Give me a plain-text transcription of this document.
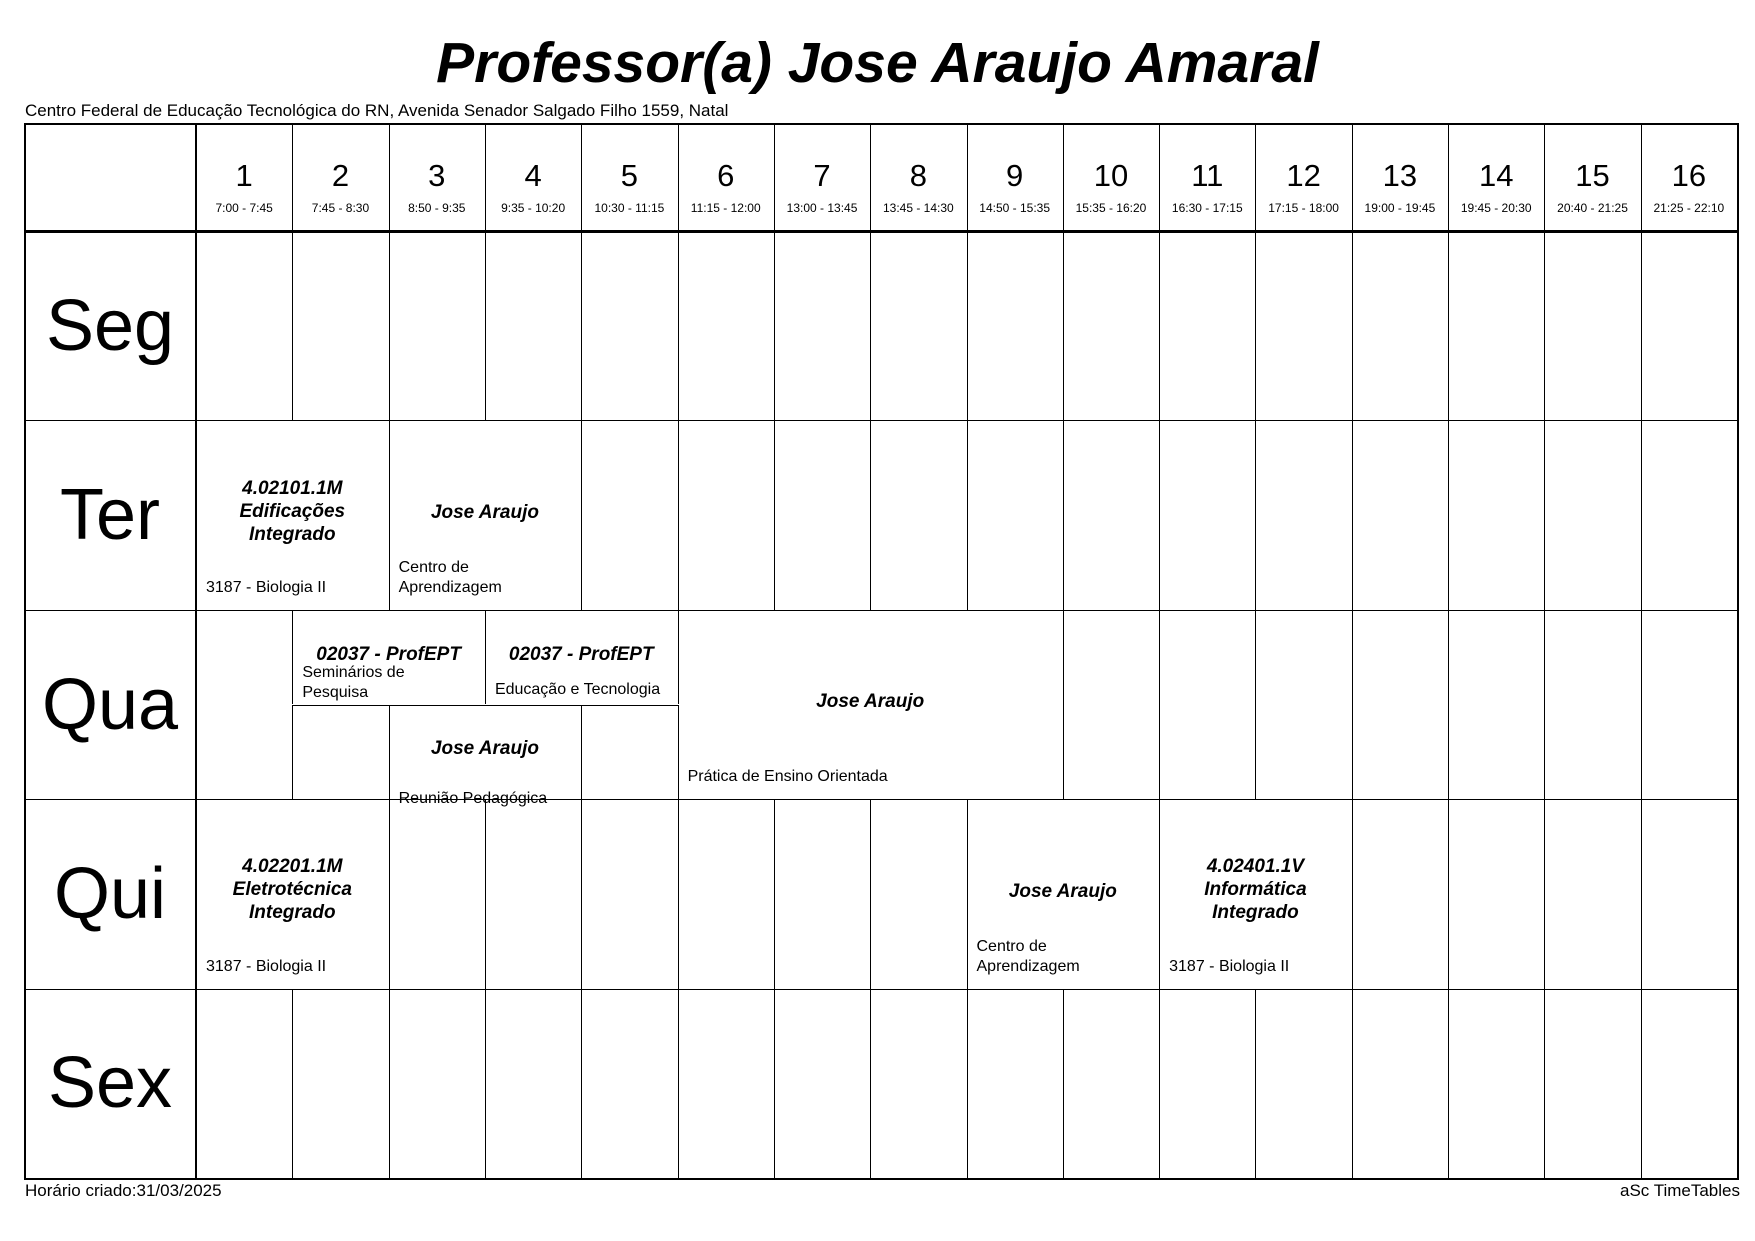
Professor(a) Jose Araujo Amaral
Centro Federal de Educação Tecnológica do RN, Avenida Senador Salgado Filho 1559, Natal
1
7:00 - 7:45
2
7:45 - 8:30
3
8:50 - 9:35
4
9:35 - 10:20
5
10:30 - 11:15
6
11:15 - 12:00
7
13:00 - 13:45
8
13:45 - 14:30
9
14:50 - 15:35
10
15:35 - 16:20
11
16:30 - 17:15
12
17:15 - 18:00
13
19:00 - 19:45
14
19:45 - 20:30
15
20:40 - 21:25
16
21:25 - 22:10
Seg
Ter
Qua
Qui
Sex
4.02101.1M
Edificações
Integrado
3187 - Biologia II
Jose Araujo
Centro de
Aprendizagem
02037 - ProfEPT
Seminários de
Pesquisa
02037 - ProfEPT
Educação e Tecnologia
Jose Araujo
Reunião Pedagógica
Jose Araujo
Prática de Ensino Orientada
4.02201.1M
Eletrotécnica
Integrado
3187 - Biologia II
Jose Araujo
Centro de
Aprendizagem
4.02401.1V
Informática
Integrado
3187 - Biologia II
Horário criado:31/03/2025	aSc TimeTables
